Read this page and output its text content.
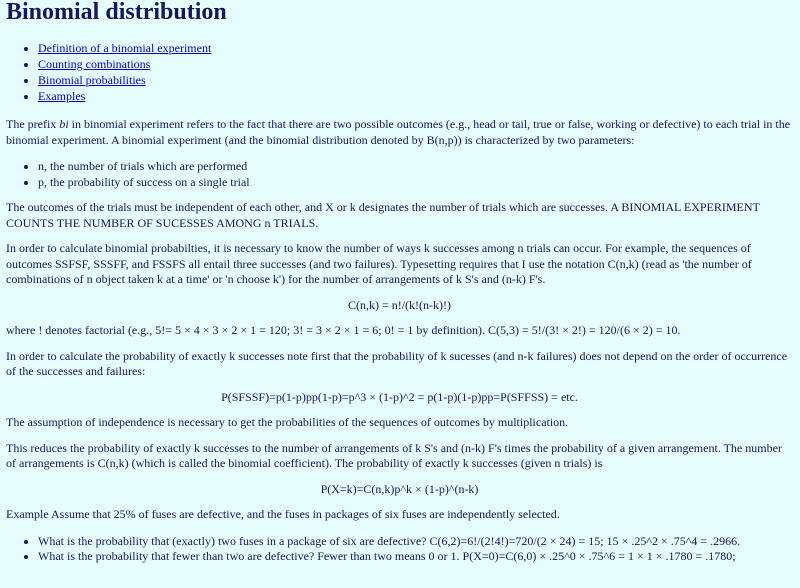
Binomial distribution
• Definition of a binomial experiment
• Counting combinations
• Binomial probabilities
• Examples

The prefix bi in binomial experiment refers to the fact that there are two possible outcomes (e.g., head or tail, true or false, working or defective) to each trial in the binomial experiment. A binomial experiment (and the binomial distribution denoted by B(n,p)) is characterized by two parameters:

• n, the number of trials which are performed
• p, the probability of success on a single trial

The outcomes of the trials must be independent of each other, and X or k designates the number of trials which are successes. A BINOMIAL EXPERIMENT COUNTS THE NUMBER OF SUCESSES AMONG n TRIALS.

In order to calculate binomial probabilties, it is necessary to know the number of ways k successes among n trials can occur. For example, the sequences of outcomes SSFSF, SSSFF, and FSSFS all entail three successes (and two failures). Typesetting requires that I use the notation C(n,k) (read as 'the number of combinations of n object taken k at a time' or 'n choose k') for the number of arrangements of k S's and (n-k) F's.

C(n,k) = n!/(k!(n-k)!)

where ! denotes factorial (e.g., 5!= 5 × 4 × 3 × 2 × 1 = 120; 3! = 3 × 2 × 1 = 6; 0! = 1 by definition). C(5,3) = 5!/(3! × 2!) = 120/(6 × 2) = 10.

In order to calculate the probability of exactly k successes note first that the probability of k sucesses (and n-k failures) does not depend on the order of occurrence of the successes and failures:

P(SFSSF)=p(1-p)pp(1-p)=p^3 × (1-p)^2 = p(1-p)(1-p)pp=P(SFFSS) = etc.

The assumption of independence is necessary to get the probabilities of the sequences of outcomes by multiplication.

This reduces the probability of exactly k successes to the number of arrangements of k S's and (n-k) F's times the probability of a given arrangement. The number of arrangements is C(n,k) (which is called the binomial coefficient). The probability of exactly k successes (given n trials) is

P(X=k)=C(n,k)p^k × (1-p)^(n-k)

Example Assume that 25% of fuses are defective, and the fuses in packages of six fuses are independently selected.

• What is the probability that (exactly) two fuses in a package of six are defective? C(6,2)=6!/(2!4!)=720/(2 × 24) = 15; 15 × .25^2 × .75^4 = .2966.
• What is the probability that fewer than two are defective? Fewer than two means 0 or 1. P(X=0)=C(6,0) × .25^0 × .75^6 = 1 × 1 × .1780 = .1780;
